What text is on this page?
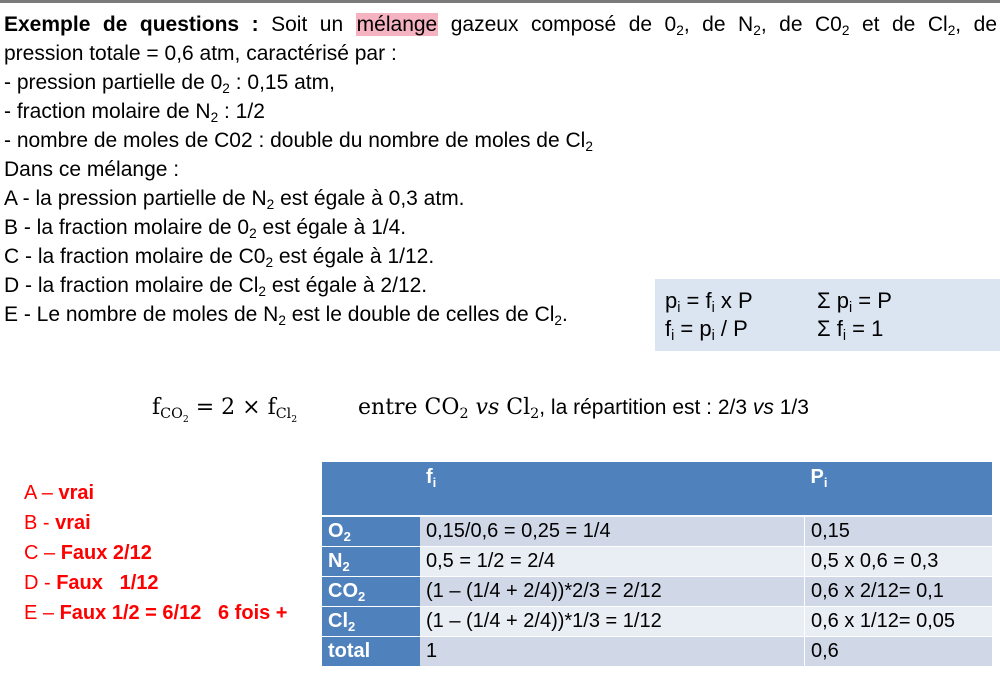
Exemple de questions : Soit un mélange gazeux composé de $0_2$, de $N_2$, de $C0_2$ et de $Cl_2$, de
pression totale = 0,6 atm, caractérisé par :
- pression partielle de $0_2$ : 0,15 atm,
- fraction molaire de $N_2$ : 1/2
- nombre de moles de C02 : double du nombre de moles de $Cl_2$
Dans ce mélange :
A - la pression partielle de $N_2$ est égale à 0,3 atm.
B - la fraction molaire de $0_2$ est égale à 1/4.
C - la fraction molaire de $C0_2$ est égale à 1/12.
D - la fraction molaire de $Cl_2$ est égale à 2/12.
E - Le nombre de moles de $N_2$ est le double de celles de $Cl_2$.
$p_i = f_i$ x P	Σ $p_i = P$
$f_i = p_i / P$	Σ $f_i = 1$
$f_{CO_2} = 2 \times f_{Cl_2}$	entre $CO_2$ vs $Cl_2$, la répartition est : 2/3 vs 1/3
A – vrai
B - vrai
C – Faux 2/12
D - Faux   1/12
E – Faux 1/2 = 6/12   6 fois +
	$f_i$	$P_i$
$O_2$	0,15/0,6 = 0,25 = 1/4	0,15
$N_2$	0,5 = 1/2 = 2/4	0,5 x 0,6 = 0,3
$CO_2$	(1 – (1/4 + 2/4))*2/3 = 2/12	0,6 x 2/12= 0,1
$Cl_2$	(1 – (1/4 + 2/4))*1/3 = 1/12	0,6 x 1/12= 0,05
total	1	0,6
